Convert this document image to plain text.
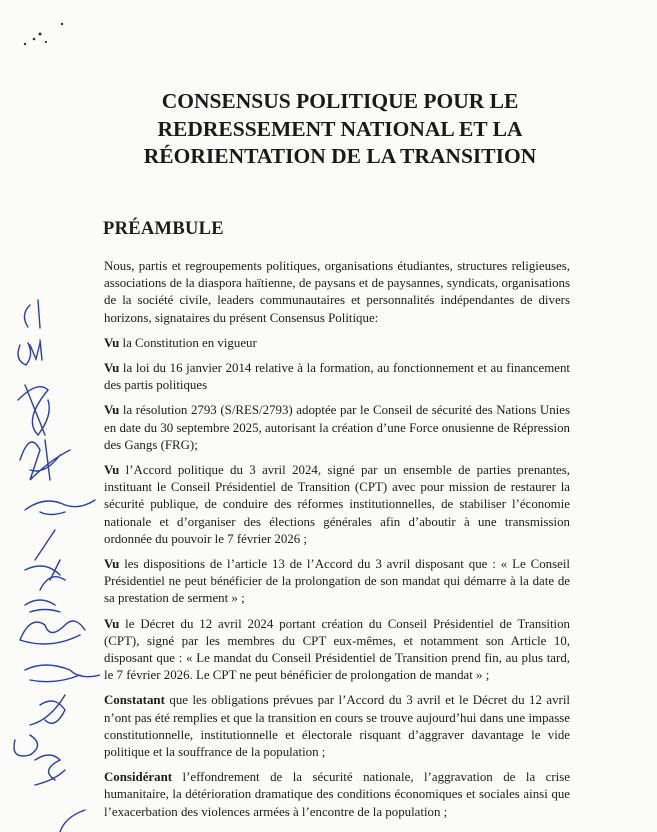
CONSENSUS POLITIQUE POUR LE
REDRESSEMENT NATIONAL ET LA
RÉORIENTATION DE LA TRANSITION
PRÉAMBULE

Nous, partis et regroupements politiques, organisations étudiantes, structures religieuses, associations de la diaspora haïtienne, de paysans et de paysannes, syndicats, organisations de la société civile, leaders communautaires et personnalités indépendantes de divers horizons, signataires du présent Consensus Politique:

Vu la Constitution en vigueur

Vu la loi du 16 janvier 2014 relative à la formation, au fonctionnement et au financement des partis politiques

Vu la résolution 2793 (S/RES/2793) adoptée par le Conseil de sécurité des Nations Unies en date du 30 septembre 2025, autorisant la création d’une Force onusienne de Répression des Gangs (FRG);

Vu l’Accord politique du 3 avril 2024, signé par un ensemble de parties prenantes, instituant le Conseil Présidentiel de Transition (CPT) avec pour mission de restaurer la sécurité publique, de conduire des réformes institutionnelles, de stabiliser l’économie nationale et d’organiser des élections générales afin d’aboutir à une transmission ordonnée du pouvoir le 7 février 2026 ;

Vu les dispositions de l’article 13 de l’Accord du 3 avril disposant que : « Le Conseil Présidentiel ne peut bénéficier de la prolongation de son mandat qui démarre à la date de sa prestation de serment » ;

Vu le Décret du 12 avril 2024 portant création du Conseil Présidentiel de Transition (CPT), signé par les membres du CPT eux-mêmes, et notamment son Article 10, disposant que : « Le mandat du Conseil Présidentiel de Transition prend fin, au plus tard, le 7 février 2026. Le CPT ne peut bénéficier de prolongation de mandat » ;

Constatant que les obligations prévues par l’Accord du 3 avril et le Décret du 12 avril n’ont pas été remplies et que la transition en cours se trouve aujourd’hui dans une impasse constitutionnelle, institutionnelle et électorale risquant d’aggraver davantage le vide politique et la souffrance de la population ;

Considérant l’effondrement de la sécurité nationale, l’aggravation de la crise humanitaire, la détérioration dramatique des conditions économiques et sociales ainsi que l’exacerbation des violences armées à l’encontre de la population ;
